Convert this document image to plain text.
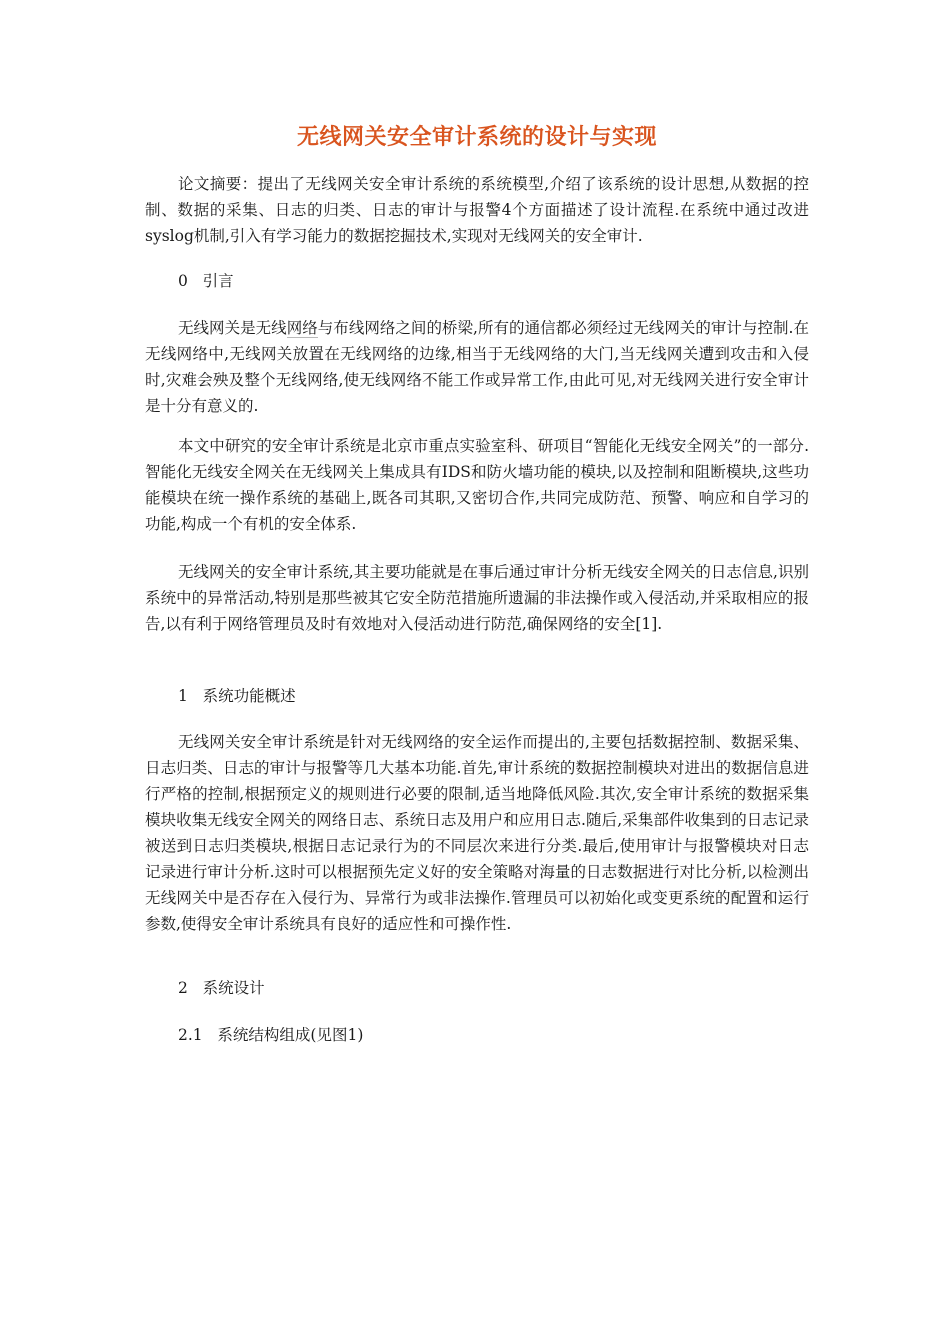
无线网关安全审计系统的设计与实现

论文摘要：提出了无线网关安全审计系统的系统模型,介绍了该系统的设计思想,从数据的控制、数据的采集、日志的归类、日志的审计与报警4个方面描述了设计流程.在系统中通过改进syslog机制,引入有学习能力的数据挖掘技术,实现对无线网关的安全审计.

0   引言

无线网关是无线网络与布线网络之间的桥梁,所有的通信都必须经过无线网关的审计与控制.在无线网络中,无线网关放置在无线网络的边缘,相当于无线网络的大门,当无线网关遭到攻击和入侵时,灾难会殃及整个无线网络,使无线网络不能工作或异常工作,由此可见,对无线网关进行安全审计是十分有意义的.

本文中研究的安全审计系统是北京市重点实验室科、研项目“智能化无线安全网关”的一部分.智能化无线安全网关在无线网关上集成具有IDS和防火墙功能的模块,以及控制和阻断模块,这些功能模块在统一操作系统的基础上,既各司其职,又密切合作,共同完成防范、预警、响应和自学习的功能,构成一个有机的安全体系.

无线网关的安全审计系统,其主要功能就是在事后通过审计分析无线安全网关的日志信息,识别系统中的异常活动,特别是那些被其它安全防范措施所遗漏的非法操作或入侵活动,并采取相应的报告,以有利于网络管理员及时有效地对入侵活动进行防范,确保网络的安全[1].

1   系统功能概述

无线网关安全审计系统是针对无线网络的安全运作而提出的,主要包括数据控制、数据采集、日志归类、日志的审计与报警等几大基本功能.首先,审计系统的数据控制模块对进出的数据信息进行严格的控制,根据预定义的规则进行必要的限制,适当地降低风险.其次,安全审计系统的数据采集模块收集无线安全网关的网络日志、系统日志及用户和应用日志.随后,采集部件收集到的日志记录被送到日志归类模块,根据日志记录行为的不同层次来进行分类.最后,使用审计与报警模块对日志记录进行审计分析.这时可以根据预先定义好的安全策略对海量的日志数据进行对比分析,以检测出无线网关中是否存在入侵行为、异常行为或非法操作.管理员可以初始化或变更系统的配置和运行参数,使得安全审计系统具有良好的适应性和可操作性.

2   系统设计

2.1   系统结构组成(见图1)
